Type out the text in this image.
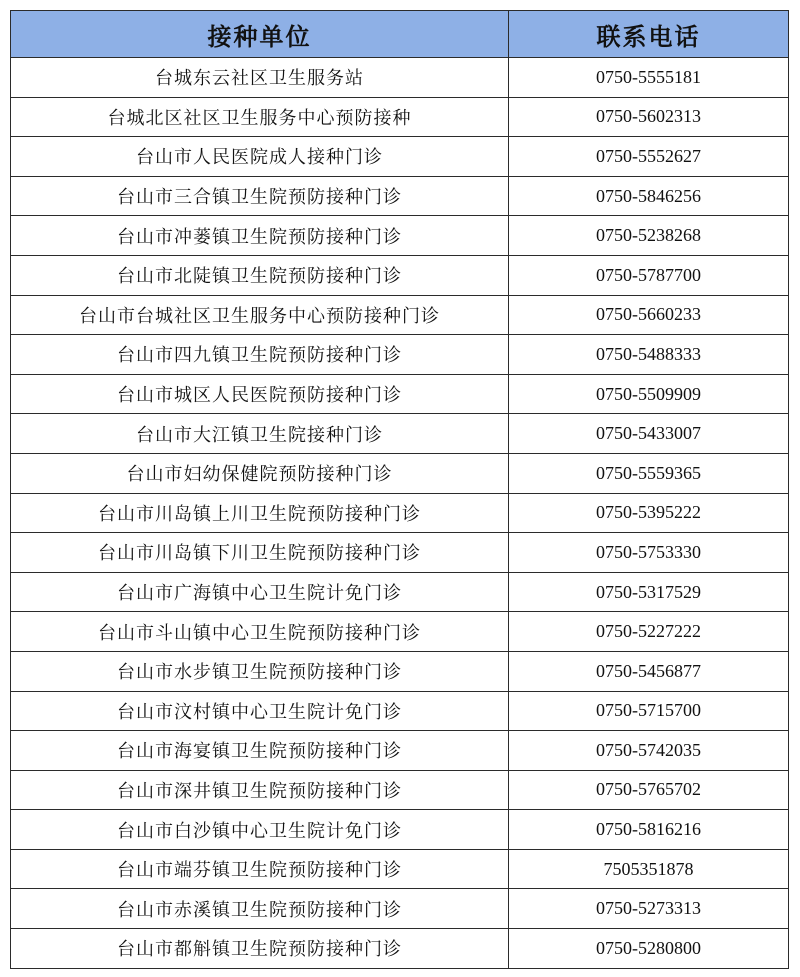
接种单位	联系电话
台城东云社区卫生服务站	0750-5555181
台城北区社区卫生服务中心预防接种	0750-5602313
台山市人民医院成人接种门诊	0750-5552627
台山市三合镇卫生院预防接种门诊	0750-5846256
台山市冲蒌镇卫生院预防接种门诊	0750-5238268
台山市北陡镇卫生院预防接种门诊	0750-5787700
台山市台城社区卫生服务中心预防接种门诊	0750-5660233
台山市四九镇卫生院预防接种门诊	0750-5488333
台山市城区人民医院预防接种门诊	0750-5509909
台山市大江镇卫生院接种门诊	0750-5433007
台山市妇幼保健院预防接种门诊	0750-5559365
台山市川岛镇上川卫生院预防接种门诊	0750-5395222
台山市川岛镇下川卫生院预防接种门诊	0750-5753330
台山市广海镇中心卫生院计免门诊	0750-5317529
台山市斗山镇中心卫生院预防接种门诊	0750-5227222
台山市水步镇卫生院预防接种门诊	0750-5456877
台山市汶村镇中心卫生院计免门诊	0750-5715700
台山市海宴镇卫生院预防接种门诊	0750-5742035
台山市深井镇卫生院预防接种门诊	0750-5765702
台山市白沙镇中心卫生院计免门诊	0750-5816216
台山市端芬镇卫生院预防接种门诊	7505351878
台山市赤溪镇卫生院预防接种门诊	0750-5273313
台山市都斛镇卫生院预防接种门诊	0750-5280800
